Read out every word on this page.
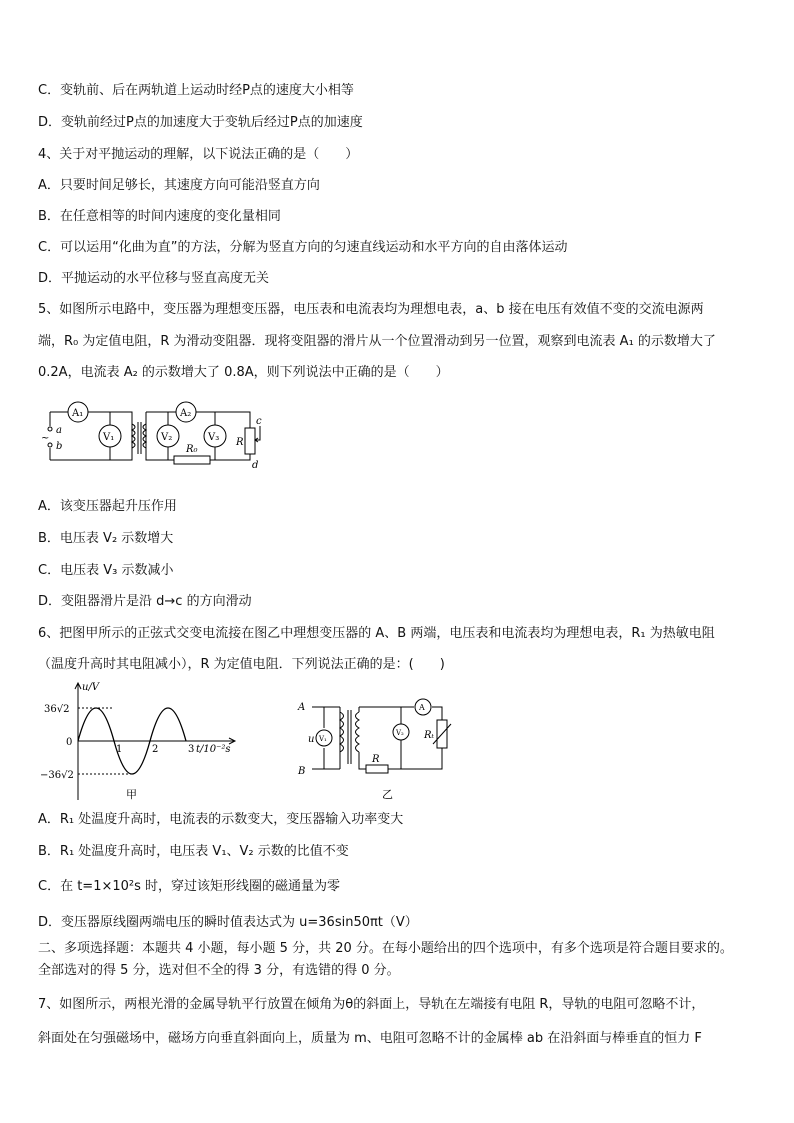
C．变轨前、后在两轨道上运动时经P点的速度大小相等
D．变轨前经过P点的加速度大于变轨后经过P点的加速度
4、关于对平抛运动的理解，以下说法正确的是（　　）
A．只要时间足够长，其速度方向可能沿竖直方向
B．在任意相等的时间内速度的变化量相同
C．可以运用“化曲为直”的方法，分解为竖直方向的匀速直线运动和水平方向的自由落体运动
D．平抛运动的水平位移与竖直高度无关
5、如图所示电路中，变压器为理想变压器，电压表和电流表均为理想电表，a、b 接在电压有效值不变的交流电源两
端，R₀ 为定值电阻，R 为滑动变阻器．现将变阻器的滑片从一个位置滑动到另一位置，观察到电流表 A₁ 的示数增大了
0.2A，电流表 A₂ 的示数增大了 0.8A，则下列说法中正确的是（　　）
A₁
V₁
A₂
V₂	V₃
a
b
~	R
R₀
c
d
A．该变压器起升压作用
B．电压表 V₂ 示数增大
C．电压表 V₃ 示数减小
D．变阻器滑片是沿 d→c 的方向滑动
6、把图甲所示的正弦式交变电流接在图乙中理想变压器的 A、B 两端，电压表和电流表均为理想电表，R₁ 为热敏电阻
（温度升高时其电阻减小），R 为定值电阻．下列说法正确的是：(　　)
u/V
36√2
−36√2
0
1	2	3 t/10⁻²s
甲
A
B
u V₁
V₂
A
Rₜ
R
乙
A．R₁ 处温度升高时，电流表的示数变大，变压器输入功率变大
B．R₁ 处温度升高时，电压表 V₁、V₂ 示数的比值不变
C．在 t=1×10²s 时，穿过该矩形线圈的磁通量为零
D．变压器原线圈两端电压的瞬时值表达式为 u=36sin50πt（V）
二、多项选择题：本题共 4 小题，每小题 5 分，共 20 分。在每小题给出的四个选项中，有多个选项是符合题目要求的。
全部选对的得 5 分，选对但不全的得 3 分，有选错的得 0 分。
7、如图所示，两根光滑的金属导轨平行放置在倾角为θ的斜面上，导轨在左端接有电阻 R，导轨的电阻可忽略不计，
斜面处在匀强磁场中，磁场方向垂直斜面向上，质量为 m、电阻可忽略不计的金属棒 ab 在沿斜面与棒垂直的恒力 F
